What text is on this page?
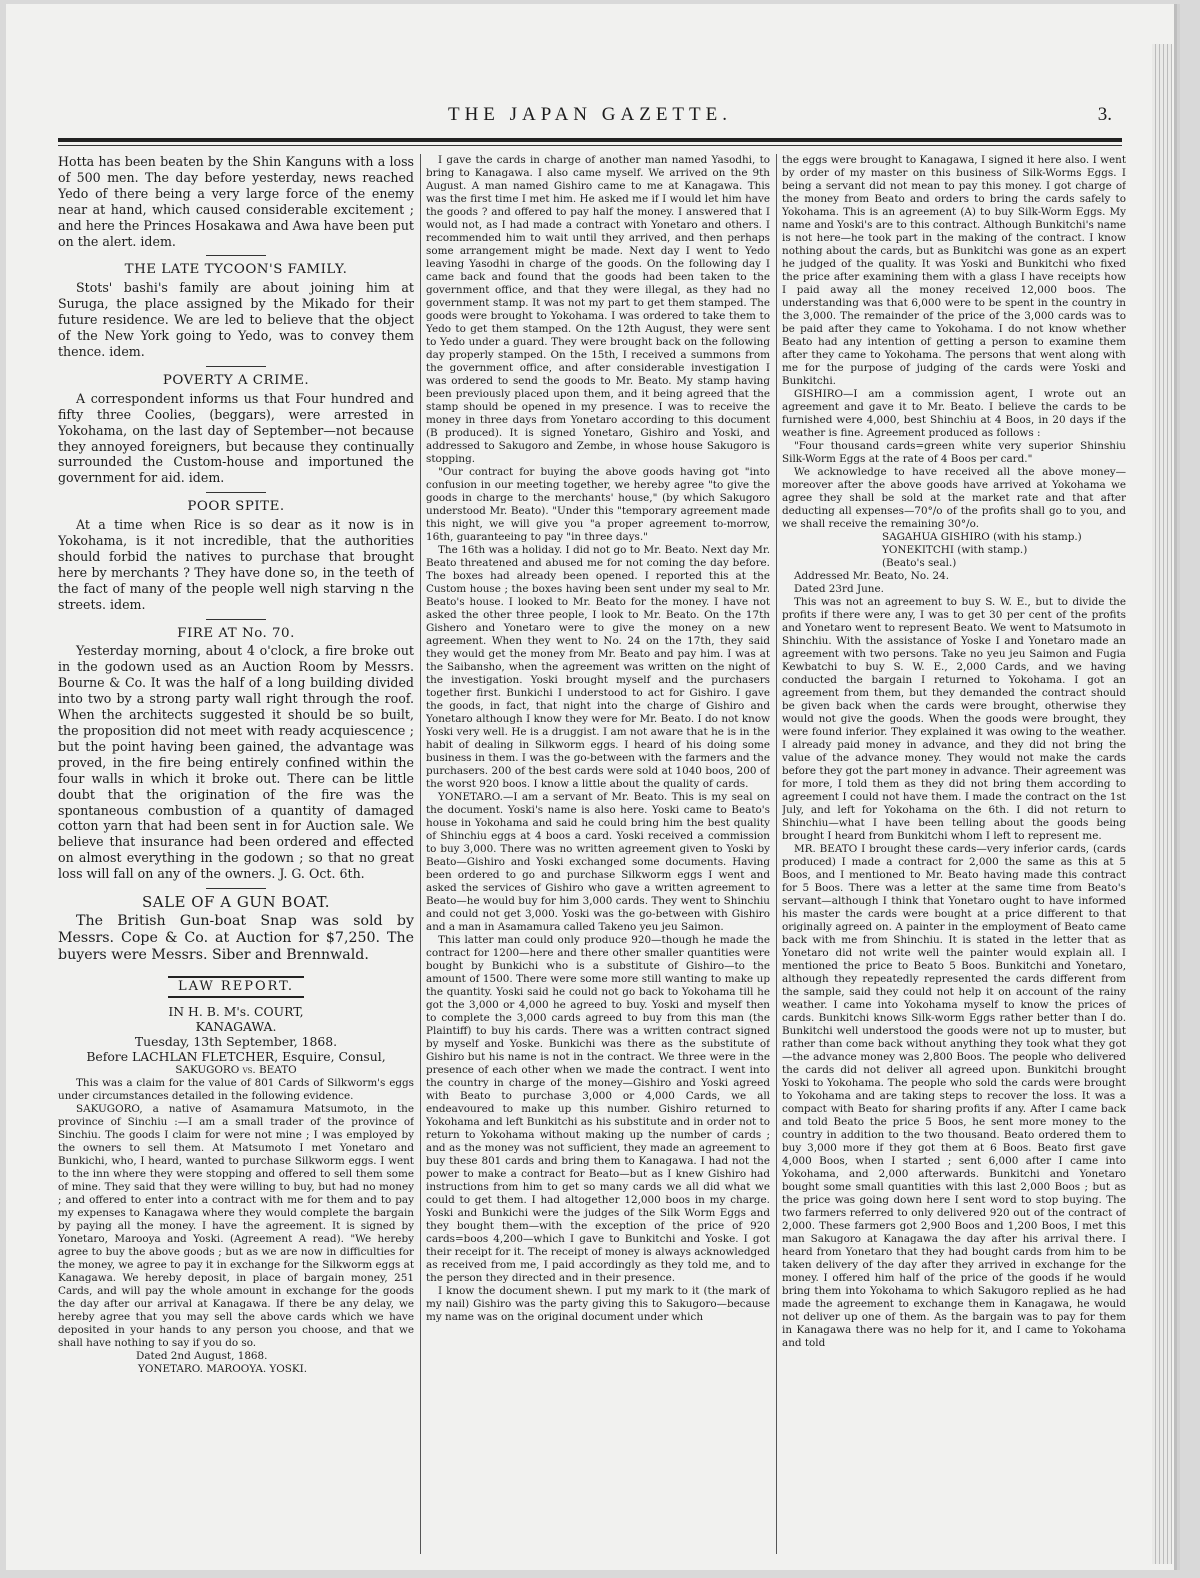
THE JAPAN GAZETTE.	3.

Hotta has been beaten by the Shin Kanguns with a loss of 500 men. The day before yesterday, news reached Yedo of there being a very large force of the enemy near at hand, which caused considerable excitement ; and here the Princes Hosakawa and Awa have been put on the alert. idem.

THE LATE TYCOON'S FAMILY.

Stots' bashi's family are about joining him at Suruga, the place assigned by the Mikado for their future residence. We are led to believe that the object of the New York going to Yedo, was to convey them thence. idem.

POVERTY A CRIME.

A correspondent informs us that Four hundred and fifty three Coolies, (beggars), were arrested in Yokohama, on the last day of September—not because they annoyed foreigners, but because they continually surrounded the Custom-house and importuned the government for aid. idem.

POOR SPITE.

At a time when Rice is so dear as it now is in Yokohama, is it not incredible, that the authorities should forbid the natives to purchase that brought here by merchants ? They have done so, in the teeth of the fact of many of the people well nigh starving n the streets. idem.

FIRE AT No. 70.

Yesterday morning, about 4 o'clock, a fire broke out in the godown used as an Auction Room by Messrs. Bourne & Co. It was the half of a long building divided into two by a strong party wall right through the roof. When the architects suggested it should be so built, the proposition did not meet with ready acquiescence ; but the point having been gained, the advantage was proved, in the fire being entirely confined within the four walls in which it broke out. There can be little doubt that the origination of the fire was the spontaneous combustion of a quantity of damaged cotton yarn that had been sent in for Auction sale. We believe that insurance had been ordered and effected on almost everything in the godown ; so that no great loss will fall on any of the owners. J. G. Oct. 6th.

SALE OF A GUN BOAT.

The British Gun-boat Snap was sold by Messrs. Cope & Co. at Auction for $7,250. The buyers were Messrs. Siber and Brennwald.

LAW REPORT.

IN H. B. M's. COURT,

KANAGAWA.

Tuesday, 13th September, 1868.

Before LACHLAN FLETCHER, Esquire, Consul,

SAKUGORO vs. BEATO

This was a claim for the value of 801 Cards of Silkworm's eggs under circumstances detailed in the following evidence.

SAKUGORO, a native of Asamamura Matsumoto, in the province of Sinchiu :—I am a small trader of the province of Sinchiu. The goods I claim for were not mine ; I was employed by the owners to sell them. At Matsumoto I met Yonetaro and Bunkichi, who, I heard, wanted to purchase Silkworm eggs. I went to the inn where they were stopping and offered to sell them some of mine. They said that they were willing to buy, but had no money ; and offered to enter into a contract with me for them and to pay my expenses to Kanagawa where they would complete the bargain by paying all the money. I have the agreement. It is signed by Yonetaro, Marooya and Yoski. (Agreement A read). "We hereby agree to buy the above goods ; but as we are now in difficulties for the money, we agree to pay it in exchange for the Silkworm eggs at Kanagawa. We hereby deposit, in place of bargain money, 251 Cards, and will pay the whole amount in exchange for the goods the day after our arrival at Kanagawa. If there be any delay, we hereby agree that you may sell the above cards which we have deposited in your hands to any person you choose, and that we shall have nothing to say if you do so.

Dated 2nd August, 1868.

YONETARO. MAROOYA. YOSKI.

I gave the cards in charge of another man named Yasodhi, to bring to Kanagawa. I also came myself. We arrived on the 9th August. A man named Gishiro came to me at Kanagawa. This was the first time I met him. He asked me if I would let him have the goods ? and offered to pay half the money. I answered that I would not, as I had made a contract with Yonetaro and others. I recommended him to wait until they arrived, and then perhaps some arrangement might be made. Next day I went to Yedo leaving Yasodhi in charge of the goods. On the following day I came back and found that the goods had been taken to the government office, and that they were illegal, as they had no government stamp. It was not my part to get them stamped. The goods were brought to Yokohama. I was ordered to take them to Yedo to get them stamped. On the 12th August, they were sent to Yedo under a guard. They were brought back on the following day properly stamped. On the 15th, I received a summons from the government office, and after considerable investigation I was ordered to send the goods to Mr. Beato. My stamp having been previously placed upon them, and it being agreed that the stamp should be opened in my presence. I was to receive the money in three days from Yonetaro according to this document (B produced). It is signed Yonetaro, Gishiro and Yoski, and addressed to Sakugoro and Zembe, in whose house Sakugoro is stopping.

"Our contract for buying the above goods having got "into confusion in our meeting together, we hereby agree "to give the goods in charge to the merchants' house," (by which Sakugoro understood Mr. Beato). "Under this "temporary agreement made this night, we will give you "a proper agreement to-morrow, 16th, guaranteeing to pay "in three days."

The 16th was a holiday. I did not go to Mr. Beato. Next day Mr. Beato threatened and abused me for not coming the day before. The boxes had already been opened. I reported this at the Custom house ; the boxes having been sent under my seal to Mr. Beato's house. I looked to Mr. Beato for the money. I have not asked the other three people, I look to Mr. Beato. On the 17th Gishero and Yonetaro were to give the money on a new agreement. When they went to No. 24 on the 17th, they said they would get the money from Mr. Beato and pay him. I was at the Saibansho, when the agreement was written on the night of the investigation. Yoski brought myself and the purchasers together first. Bunkichi I understood to act for Gishiro. I gave the goods, in fact, that night into the charge of Gishiro and Yonetaro although I know they were for Mr. Beato. I do not know Yoski very well. He is a druggist. I am not aware that he is in the habit of dealing in Silkworm eggs. I heard of his doing some business in them. I was the go-between with the farmers and the purchasers. 200 of the best cards were sold at 1040 boos, 200 of the worst 920 boos. I know a little about the quality of cards.

YONETARO.—I am a servant of Mr. Beato. This is my seal on the document. Yoski's name is also here. Yoski came to Beato's house in Yokohama and said he could bring him the best quality of Shinchiu eggs at 4 boos a card. Yoski received a commission to buy 3,000. There was no written agreement given to Yoski by Beato—Gishiro and Yoski exchanged some documents. Having been ordered to go and purchase Silkworm eggs I went and asked the services of Gishiro who gave a written agreement to Beato—he would buy for him 3,000 cards. They went to Shinchiu and could not get 3,000. Yoski was the go-between with Gishiro and a man in Asamamura called Takeno yeu jeu Saimon.

This latter man could only produce 920—though he made the contract for 1200—here and there other smaller quantities were bought by Bunkichi who is a substitute of Gishiro—to the amount of 1500. There were some more still wanting to make up the quantity. Yoski said he could not go back to Yokohama till he got the 3,000 or 4,000 he agreed to buy. Yoski and myself then to complete the 3,000 cards agreed to buy from this man (the Plaintiff) to buy his cards. There was a written contract signed by myself and Yoske. Bunkichi was there as the substitute of Gishiro but his name is not in the contract. We three were in the presence of each other when we made the contract. I went into the country in charge of the money—Gishiro and Yoski agreed with Beato to purchase 3,000 or 4,000 Cards, we all endeavoured to make up this number. Gishiro returned to Yokohama and left Bunkitchi as his substitute and in order not to return to Yokohama without making up the number of cards ; and as the money was not sufficient, they made an agreement to buy these 801 cards and bring them to Kanagawa. I had not the power to make a contract for Beato—but as I knew Gishiro had instructions from him to get so many cards we all did what we could to get them. I had altogether 12,000 boos in my charge. Yoski and Bunkichi were the judges of the Silk Worm Eggs and they bought them—with the exception of the price of 920 cards=boos 4,200—which I gave to Bunkitchi and Yoske. I got their receipt for it. The receipt of money is always acknowledged as received from me, I paid accordingly as they told me, and to the person they directed and in their presence.

I know the document shewn. I put my mark to it (the mark of my nail) Gishiro was the party giving this to Sakugoro—because my name was on the original document under which

the eggs were brought to Kanagawa, I signed it here also. I went by order of my master on this business of Silk-Worms Eggs. I being a servant did not mean to pay this money. I got charge of the money from Beato and orders to bring the cards safely to Yokohama. This is an agreement (A) to buy Silk-Worm Eggs. My name and Yoski's are to this contract. Although Bunkitchi's name is not here—he took part in the making of the contract. I know nothing about the cards, but as Bunkitchi was gone as an expert he judged of the quality. It was Yoski and Bunkitchi who fixed the price after examining them with a glass I have receipts how I paid away all the money received 12,000 boos. The understanding was that 6,000 were to be spent in the country in the 3,000. The remainder of the price of the 3,000 cards was to be paid after they came to Yokohama. I do not know whether Beato had any intention of getting a person to examine them after they came to Yokohama. The persons that went along with me for the purpose of judging of the cards were Yoski and Bunkitchi.

GISHIRO—I am a commission agent, I wrote out an agreement and gave it to Mr. Beato. I believe the cards to be furnished were 4,000, best Shinchiu at 4 Boos, in 20 days if the weather is fine. Agreement produced as follows :

"Four thousand cards=green white very superior Shinshiu Silk-Worm Eggs at the rate of 4 Boos per card."

We acknowledge to have received all the above money—moreover after the above goods have arrived at Yokohama we agree they shall be sold at the market rate and that after deducting all expenses—70°/o of the profits shall go to you, and we shall receive the remaining 30°/o.

SAGAHUA GISHIRO (with his stamp.)

YONEKITCHI (with stamp.)

(Beato's seal.)

Addressed Mr. Beato, No. 24.

Dated 23rd June.

This was not an agreement to buy S. W. E., but to divide the profits if there were any, I was to get 30 per cent of the profits and Yonetaro went to represent Beato. We went to Matsumoto in Shinchiu. With the assistance of Yoske I and Yonetaro made an agreement with two persons. Take no yeu jeu Saimon and Fugia Kewbatchi to buy S. W. E., 2,000 Cards, and we having conducted the bargain I returned to Yokohama. I got an agreement from them, but they demanded the contract should be given back when the cards were brought, otherwise they would not give the goods. When the goods were brought, they were found inferior. They explained it was owing to the weather. I already paid money in advance, and they did not bring the value of the advance money. They would not make the cards before they got the part money in advance. Their agreement was for more, I told them as they did not bring them according to agreement I could not have them. I made the contract on the 1st July, and left for Yokohama on the 6th. I did not return to Shinchiu—what I have been telling about the goods being brought I heard from Bunkitchi whom I left to represent me.

MR. BEATO I brought these cards—very inferior cards, (cards produced) I made a contract for 2,000 the same as this at 5 Boos, and I mentioned to Mr. Beato having made this contract for 5 Boos. There was a letter at the same time from Beato's servant—although I think that Yonetaro ought to have informed his master the cards were bought at a price different to that originally agreed on. A painter in the employment of Beato came back with me from Shinchiu. It is stated in the letter that as Yonetaro did not write well the painter would explain all. I mentioned the price to Beato 5 Boos. Bunkitchi and Yonetaro, although they repeatedly represented the cards different from the sample, said they could not help it on account of the rainy weather. I came into Yokohama myself to know the prices of cards. Bunkitchi knows Silk-worm Eggs rather better than I do. Bunkitchi well understood the goods were not up to muster, but rather than come back without anything they took what they got—the advance money was 2,800 Boos. The people who delivered the cards did not deliver all agreed upon. Bunkitchi brought Yoski to Yokohama. The people who sold the cards were brought to Yokohama and are taking steps to recover the loss. It was a compact with Beato for sharing profits if any. After I came back and told Beato the price 5 Boos, he sent more money to the country in addition to the two thousand. Beato ordered them to buy 3,000 more if they got them at 6 Boos. Beato first gave 4,000 Boos, when I started ; sent 6,000 after I came into Yokohama, and 2,000 afterwards. Bunkitchi and Yonetaro bought some small quantities with this last 2,000 Boos ; but as the price was going down here I sent word to stop buying. The two farmers referred to only delivered 920 out of the contract of 2,000. These farmers got 2,900 Boos and 1,200 Boos, I met this man Sakugoro at Kanagawa the day after his arrival there. I heard from Yonetaro that they had bought cards from him to be taken delivery of the day after they arrived in exchange for the money. I offered him half of the price of the goods if he would bring them into Yokohama to which Sakugoro replied as he had made the agreement to exchange them in Kanagawa, he would not deliver up one of them. As the bargain was to pay for them in Kanagawa there was no help for it, and I came to Yokohama and told
